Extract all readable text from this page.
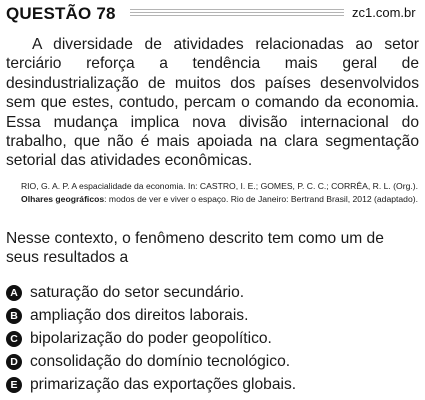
QUESTÃO 78	zc1.com.br

A diversidade de atividades relacionadas ao setor terciário reforça a tendência mais geral de desindustrialização de muitos dos países desenvolvidos sem que estes, contudo, percam o comando da economia. Essa mudança implica nova divisão internacional do trabalho, que não é mais apoiada na clara segmentação setorial das atividades econômicas.

RIO, G. A. P. A espacialidade da economia. In: CASTRO, I. E.; GOMES, P. C. C.; CORRÊA, R. L. (Org.). Olhares geográficos: modos de ver e viver o espaço. Rio de Janeiro: Bertrand Brasil, 2012 (adaptado).

Nesse contexto, o fenômeno descrito tem como um de seus resultados a

A saturação do setor secundário.
B ampliação dos direitos laborais.
C bipolarização do poder geopolítico.
D consolidação do domínio tecnológico.
E primarização das exportações globais.
